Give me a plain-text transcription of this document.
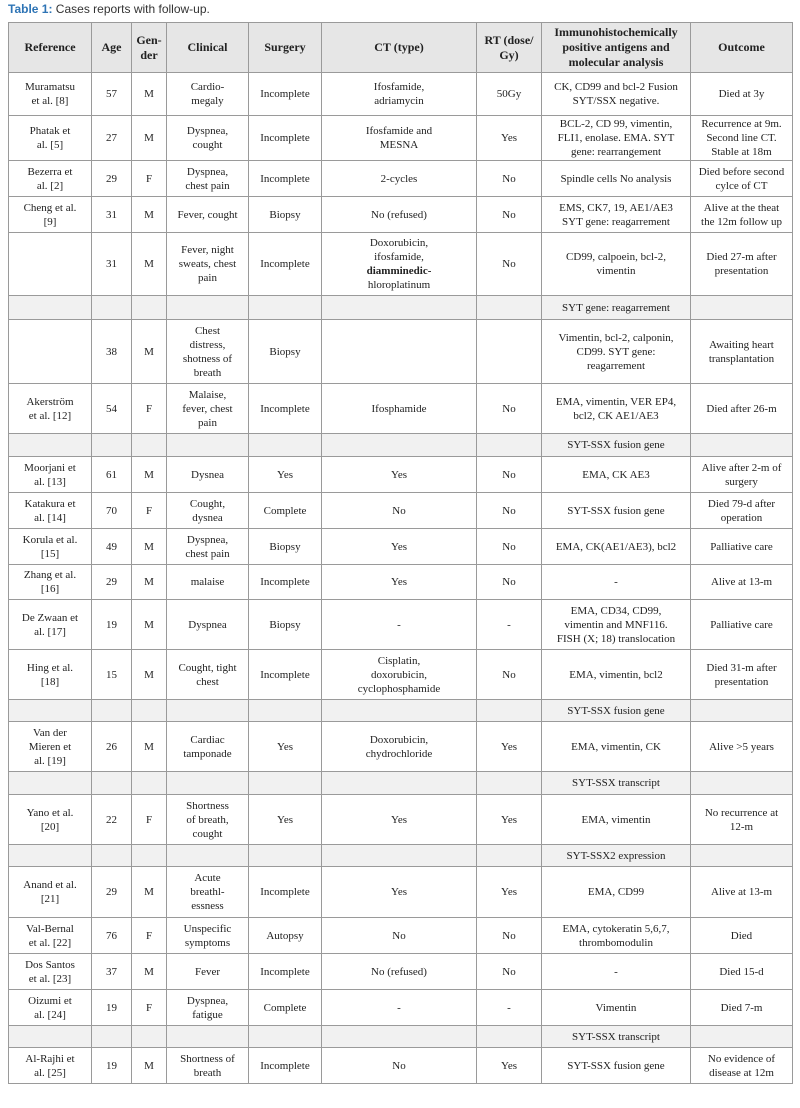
Table 1: Cases reports with follow-up.
Reference	Age	Gen-
der	Clinical	Surgery	CT (type)	RT (dose/
Gy)	Immunohistochemically
positive antigens and
molecular analysis	Outcome
Muramatsu
et al. [8]	57	M	Cardio-
megaly	Incomplete	Ifosfamide,
adriamycin	50Gy	CK, CD99 and bcl-2 Fusion
SYT/SSX negative.	Died at 3y
Phatak et
al. [5]	27	M	Dyspnea,
cought	Incomplete	Ifosfamide and
MESNA	Yes	BCL-2, CD 99, vimentin,
FLI1, enolase. EMA. SYT
gene: rearrangement	Recurrence at 9m.
Second line CT.
Stable at 18m
Bezerra et
al. [2]	29	F	Dyspnea,
chest pain	Incomplete	2-cycles	No	Spindle cells No analysis	Died before second
cylce of CT
Cheng et al.
[9]	31	M	Fever, cought	Biopsy	No (refused)	No	EMS, CK7, 19, AE1/AE3
SYT gene: reagarrement	Alive at the theat
the 12m follow up
	31	M	Fever, night
sweats, chest
pain	Incomplete	Doxorubicin,
ifosfamide,
diamminedic-
hloroplatinum	No	CD99, calpoein, bcl-2,
vimentin	Died 27-m after
presentation
							SYT gene: reagarrement	
	38	M	Chest
distress,
shotness of
breath	Biopsy			Vimentin, bcl-2, calponin,
CD99. SYT gene:
reagarrement	Awaiting heart
transplantation
Akerström
et al. [12]	54	F	Malaise,
fever, chest
pain	Incomplete	Ifosphamide	No	EMA, vimentin, VER EP4,
bcl2, CK AE1/AE3	Died after 26-m
							SYT-SSX fusion gene	
Moorjani et
al. [13]	61	M	Dysnea	Yes	Yes	No	EMA, CK AE3	Alive after 2-m of
surgery
Katakura et
al. [14]	70	F	Cought,
dysnea	Complete	No	No	SYT-SSX fusion gene	Died 79-d after
operation
Korula et al.
[15]	49	M	Dyspnea,
chest pain	Biopsy	Yes	No	EMA, CK(AE1/AE3), bcl2	Palliative care
Zhang et al.
[16]	29	M	malaise	Incomplete	Yes	No	-	Alive at 13-m
De Zwaan et
al. [17]	19	M	Dyspnea	Biopsy	-	-	EMA, CD34, CD99,
vimentin and MNF116.
FISH (X; 18) translocation	Palliative care
Hing et al.
[18]	15	M	Cought, tight
chest	Incomplete	Cisplatin,
doxorubicin,
cyclophosphamide	No	EMA, vimentin, bcl2	Died 31-m after
presentation
							SYT-SSX fusion gene	
Van der
Mieren et
al. [19]	26	M	Cardiac
tamponade	Yes	Doxorubicin,
chydrochloride	Yes	EMA, vimentin, CK	Alive >5 years
							SYT-SSX transcript	
Yano et al.
[20]	22	F	Shortness
of breath,
cought	Yes	Yes	Yes	EMA, vimentin	No recurrence at
12-m
							SYT-SSX2 expression	
Anand et al.
[21]	29	M	Acute
breathl-
essness	Incomplete	Yes	Yes	EMA, CD99	Alive at 13-m
Val-Bernal
et al. [22]	76	F	Unspecific
symptoms	Autopsy	No	No	EMA, cytokeratin 5,6,7,
thrombomodulin	Died
Dos Santos
et al. [23]	37	M	Fever	Incomplete	No (refused)	No	-	Died 15-d
Oizumi et
al. [24]	19	F	Dyspnea,
fatigue	Complete	-	-	Vimentin	Died 7-m
							SYT-SSX transcript	
Al-Rajhi et
al. [25]	19	M	Shortness of
breath	Incomplete	No	Yes	SYT-SSX fusion gene	No evidence of
disease at 12m
